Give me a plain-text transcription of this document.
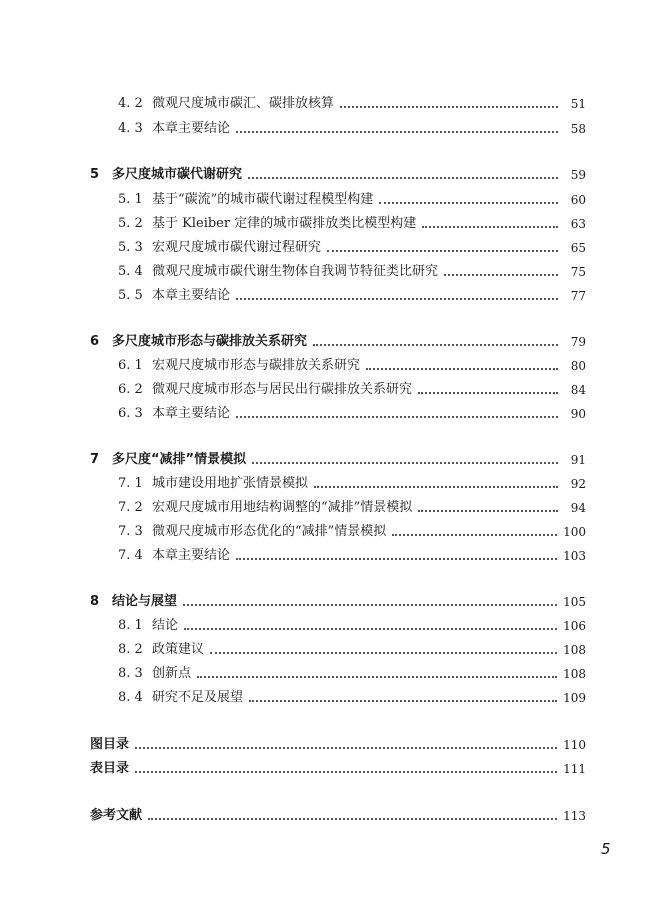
4. 2 微观尺度城市碳汇、碳排放核算	51
4. 3 本章主要结论	58
5 多尺度城市碳代谢研究	59
5. 1 基于“碳流”的城市碳代谢过程模型构建	60
5. 2 基于 Kleiber 定律的城市碳排放类比模型构建	63
5. 3 宏观尺度城市碳代谢过程研究	65
5. 4 微观尺度城市碳代谢生物体自我调节特征类比研究	75
5. 5 本章主要结论	77
6 多尺度城市形态与碳排放关系研究	79
6. 1 宏观尺度城市形态与碳排放关系研究	80
6. 2 微观尺度城市形态与居民出行碳排放关系研究	84
6. 3 本章主要结论	90
7 多尺度“减排”情景模拟	91
7. 1 城市建设用地扩张情景模拟	92
7. 2 宏观尺度城市用地结构调整的“减排”情景模拟	94
7. 3 微观尺度城市形态优化的“减排”情景模拟	100
7. 4 本章主要结论	103
8 结论与展望	105
8. 1 结论	106
8. 2 政策建议	108
8. 3 创新点	108
8. 4 研究不足及展望	109
图目录	110
表目录	111
参考文献	113
5
